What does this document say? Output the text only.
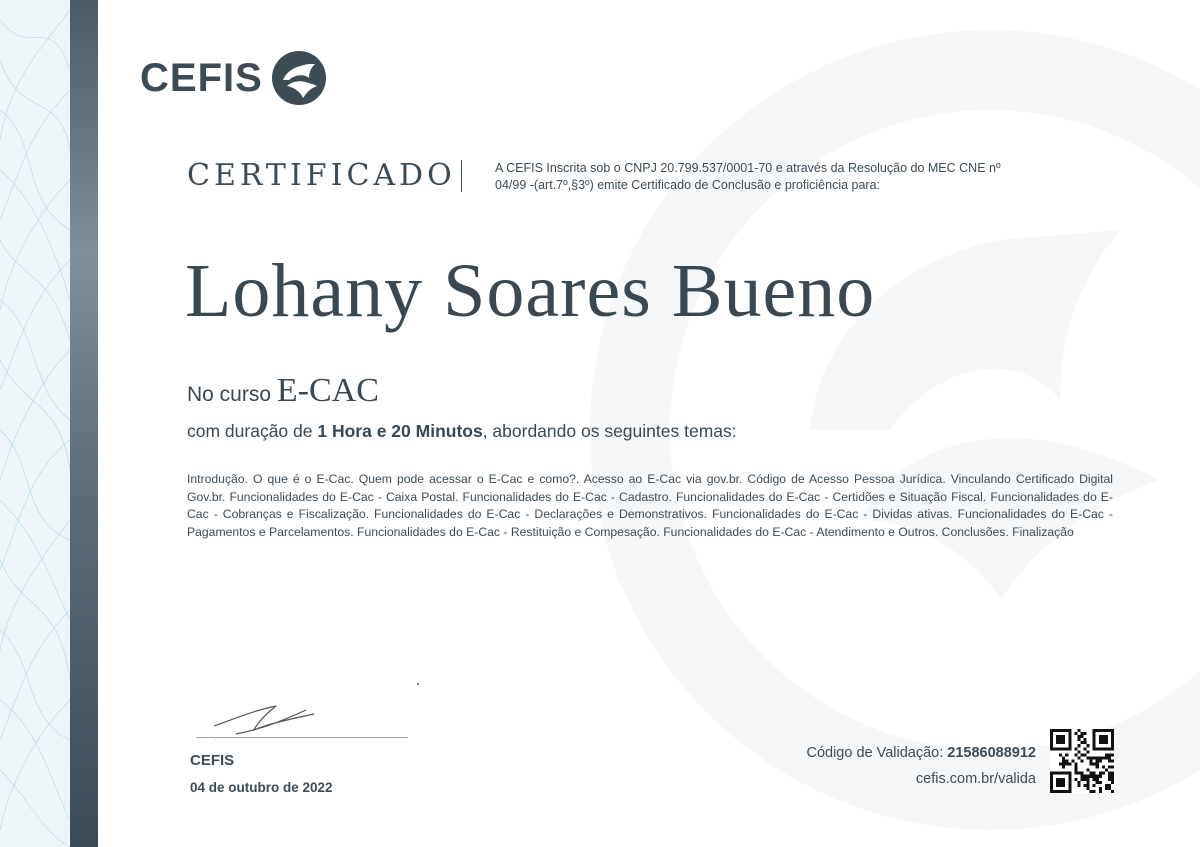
CEFIS
CERTIFICADO	A CEFIS Inscrita sob o CNPJ 20.799.537/0001-70 e através da Resolução do MEC CNE nº 04/99 -(art.7º,§3º) emite Certificado de Conclusão e proficiência para:
Lohany Soares Bueno
No curso E-CAC
com duração de 1 Hora e 20 Minutos, abordando os seguintes temas:
Introdução. O que é o E-Cac. Quem pode acessar o E-Cac e como?. Acesso ao E-Cac via gov.br. Código de Acesso Pessoa Jurídica. Vinculando Certificado Digital Gov.br. Funcionalidades do E-Cac - Caixa Postal. Funcionalidades do E-Cac - Cadastro. Funcionalidades do E-Cac - Certidões e Situação Fiscal. Funcionalidades do E-Cac - Cobranças e Fiscalização. Funcionalidades do E-Cac - Declarações e Demonstrativos. Funcionalidades do E-Cac - Dividas ativas. Funcionalidades do E-Cac - Pagamentos e Parcelamentos. Funcionalidades do E-Cac - Restituição e Compesação. Funcionalidades do E-Cac - Atendimento e Outros. Conclusões. Finalização
CEFIS
04 de outubro de 2022
Código de Validação: 21586088912
cefis.com.br/valida
